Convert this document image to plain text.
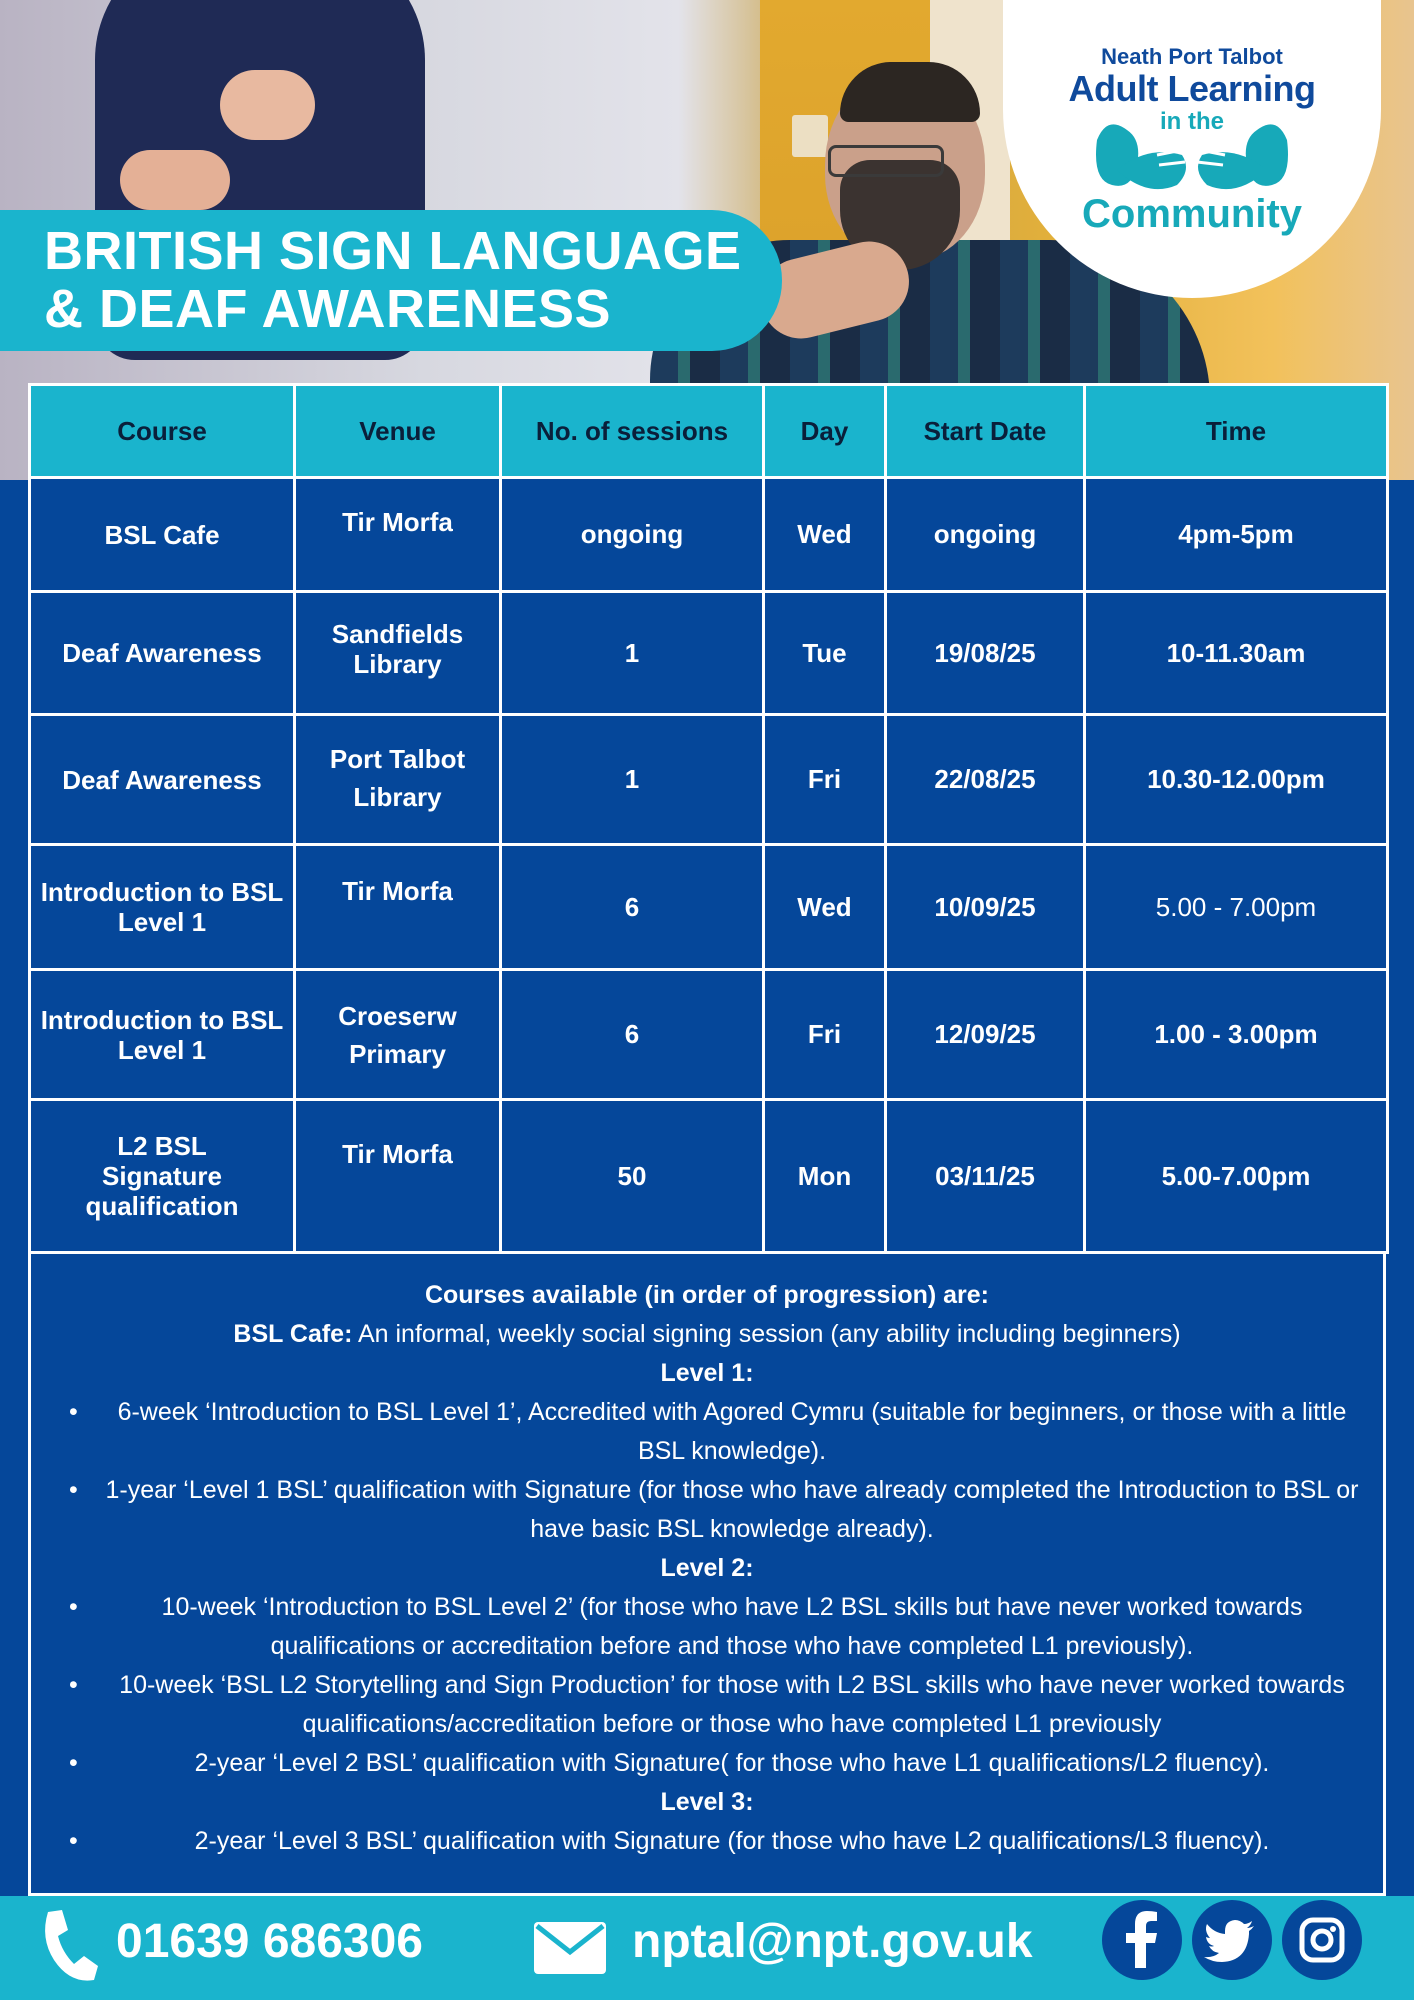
Neath Port Talbot
Adult Learning
in the
Community
BRITISH SIGN LANGUAGE
& DEAF AWARENESS
Course	Venue	No. of sessions	Day	Start Date	Time
BSL Cafe	Tir Morfa	ongoing	Wed	ongoing	4pm-5pm
Deaf Awareness	Sandfields Library	1	Tue	19/08/25	10-11.30am
Deaf Awareness	Port Talbot Library	1	Fri	22/08/25	10.30-12.00pm
Introduction to BSL Level 1	Tir Morfa	6	Wed	10/09/25	5.00 - 7.00pm
Introduction to BSL Level 1	Croeserw Primary	6	Fri	12/09/25	1.00 - 3.00pm
L2 BSL Signature qualification	Tir Morfa	50	Mon	03/11/25	5.00-7.00pm
Courses available (in order of progression) are:
BSL Cafe: An informal, weekly social signing session (any ability including beginners)
Level 1:
• 6-week ‘Introduction to BSL Level 1’, Accredited with Agored Cymru (suitable for beginners, or those with a little BSL knowledge).
• 1-year ‘Level 1 BSL’ qualification with Signature (for those who have already completed the Introduction to BSL or have basic BSL knowledge already).
Level 2:
• 10-week ‘Introduction to BSL Level 2’ (for those who have L2 BSL skills but have never worked towards qualifications or accreditation before and those who have completed L1 previously).
• 10-week ‘BSL L2 Storytelling and Sign Production’ for those with L2 BSL skills who have never worked towards qualifications/accreditation before or those who have completed L1 previously
• 2-year ‘Level 2 BSL’ qualification with Signature( for those who have L1 qualifications/L2 fluency).
Level 3:
• 2-year ‘Level 3 BSL’ qualification with Signature (for those who have L2 qualifications/L3 fluency).
01639 686306	nptal@npt.gov.uk
